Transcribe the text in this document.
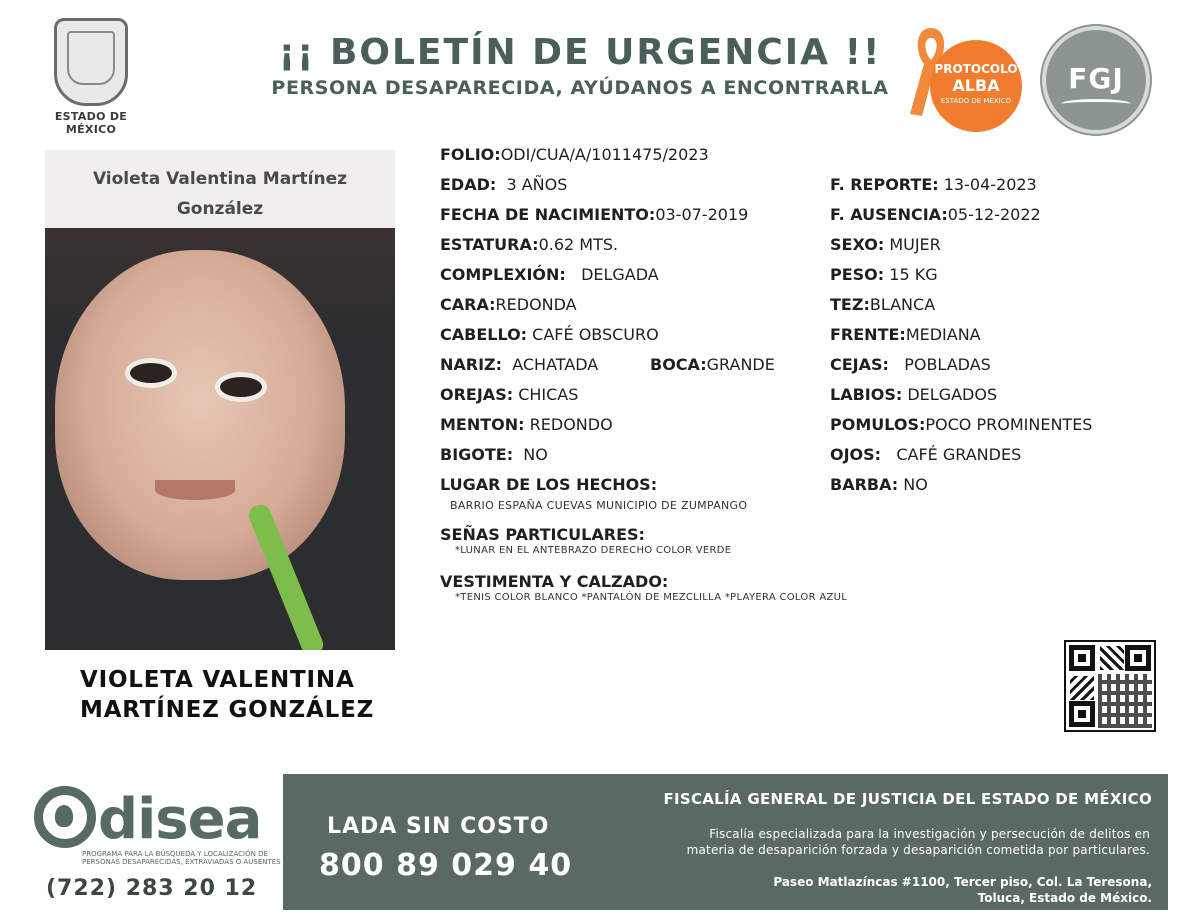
ESTADO DE MÉXICO
¡¡ BOLETÍN DE URGENCIA !!
PERSONA DESAPARECIDA, AYÚDANOS A ENCONTRARLA
PROTOCOLO
ALBA
ESTADO DE MÉXICO
FGJ
Violeta Valentina Martínez
González
VIOLETA VALENTINA
MARTÍNEZ GONZÁLEZ
FOLIO:ODI/CUA/A/1011475/2023
EDAD: 3 AÑOS
FECHA DE NACIMIENTO:03-07-2019
ESTATURA:0.62 MTS.
COMPLEXIÓN: DELGADA
CARA:REDONDA
CABELLO: CAFÉ OBSCURO
NARIZ: ACHATADA	BOCA:GRANDE
OREJAS: CHICAS
MENTON: REDONDO
BIGOTE: NO
LUGAR DE LOS HECHOS:
BARRIO ESPAÑA CUEVAS MUNICIPIO DE ZUMPANGO
SEÑAS PARTICULARES:
*LUNAR EN EL ANTEBRAZO DERECHO COLOR VERDE
VESTIMENTA Y CALZADO:
*TENIS COLOR BLANCO *PANTALÓN DE MEZCLILLA *PLAYERA COLOR AZUL
F. REPORTE: 13-04-2023
F. AUSENCIA:05-12-2022
SEXO: MUJER
PESO: 15 KG
TEZ:BLANCA
FRENTE:MEDIANA
CEJAS: POBLADAS
LABIOS: DELGADOS
POMULOS:POCO PROMINENTES
OJOS: CAFÉ GRANDES
BARBA: NO
disea
PROGRAMA PARA LA BÚSQUEDA Y LOCALIZACIÓN DE PERSONAS DESAPARECIDAS, EXTRAVIADAS O AUSENTES
(722) 283 20 12
LADA SIN COSTO
800 89 029 40
FISCALÍA GENERAL DE JUSTICIA DEL ESTADO DE MÉXICO
Fiscalía especializada para la investigación y persecución de delitos en
materia de desaparición forzada y desaparición cometida por particulares.
Paseo Matlazíncas #1100, Tercer piso, Col. La Teresona,
Toluca, Estado de México.
